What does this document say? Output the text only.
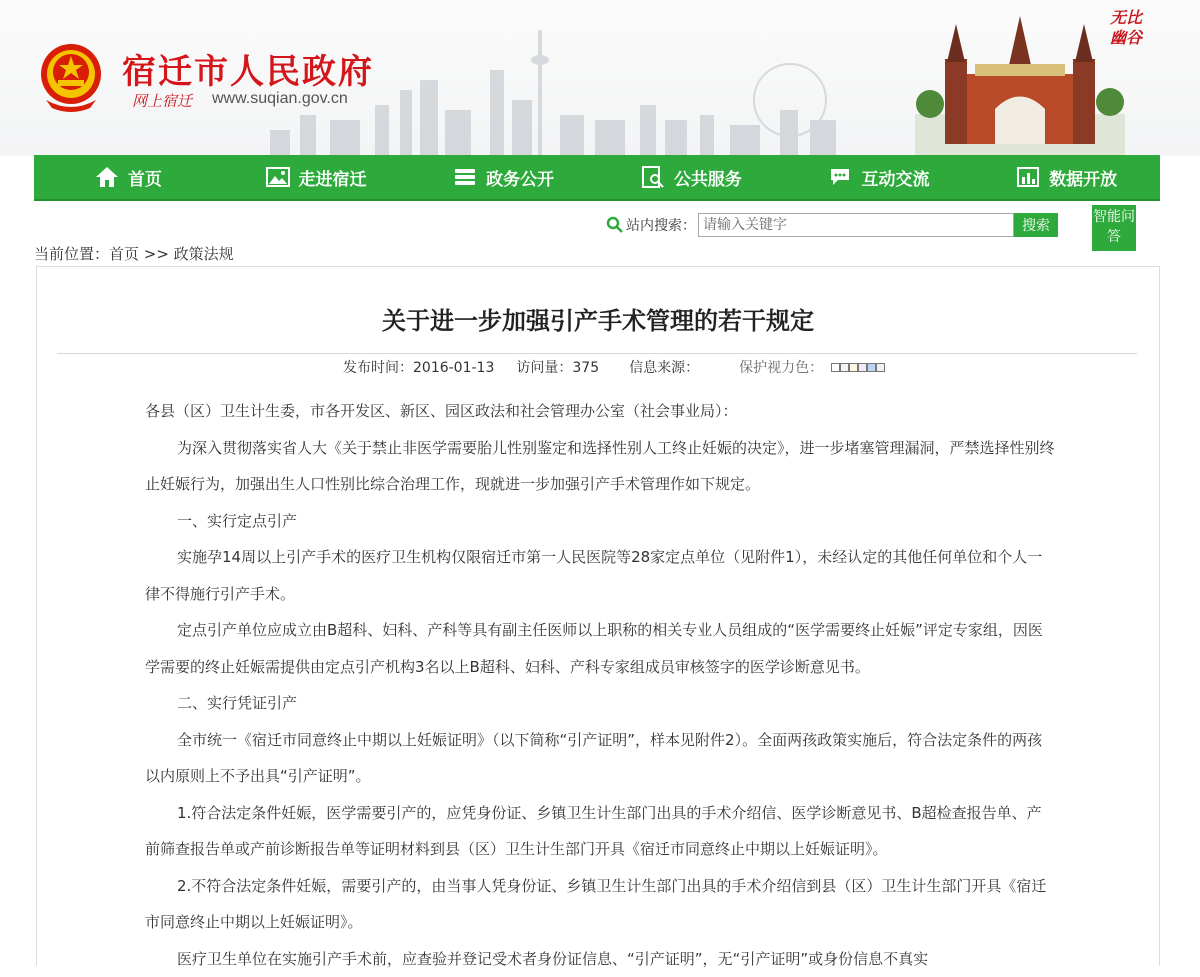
宿迁市人民政府
网上宿迁 www.suqian.gov.cn
无比幽谷
首页	走进宿迁	政务公开	公共服务	互动交流	数据开放
站内搜索：
请输入关键字	搜索
智能问答
当前位置：首页 >> 政策法规
关于进一步加强引产手术管理的若干规定
发布时间：2016-01-13 访问量：375 信息来源：	保护视力色：

各县（区）卫生计生委，市各开发区、新区、园区政法和社会管理办公室（社会事业局）：

为深入贯彻落实省人大《关于禁止非医学需要胎儿性别鉴定和选择性别人工终止妊娠的决定》，进一步堵塞管理漏洞，严禁选择性别终止妊娠行为，加强出生人口性别比综合治理工作，现就进一步加强引产手术管理作如下规定。

一、实行定点引产

实施孕14周以上引产手术的医疗卫生机构仅限宿迁市第一人民医院等28家定点单位（见附件1），未经认定的其他任何单位和个人一律不得施行引产手术。

定点引产单位应成立由B超科、妇科、产科等具有副主任医师以上职称的相关专业人员组成的“医学需要终止妊娠”评定专家组，因医学需要的终止妊娠需提供由定点引产机构3名以上B超科、妇科、产科专家组成员审核签字的医学诊断意见书。

二、实行凭证引产

全市统一《宿迁市同意终止中期以上妊娠证明》（以下简称“引产证明”，样本见附件2）。全面两孩政策实施后，符合法定条件的两孩以内原则上不予出具“引产证明”。

1.符合法定条件妊娠，医学需要引产的，应凭身份证、乡镇卫生计生部门出具的手术介绍信、医学诊断意见书、B超检查报告单、产前筛查报告单或产前诊断报告单等证明材料到县（区）卫生计生部门开具《宿迁市同意终止中期以上妊娠证明》。

2.不符合法定条件妊娠，需要引产的，由当事人凭身份证、乡镇卫生计生部门出具的手术介绍信到县（区）卫生计生部门开具《宿迁市同意终止中期以上妊娠证明》。

医疗卫生单位在实施引产手术前，应查验并登记受术者身份证信息、“引产证明”，无“引产证明”或身份信息不真实
